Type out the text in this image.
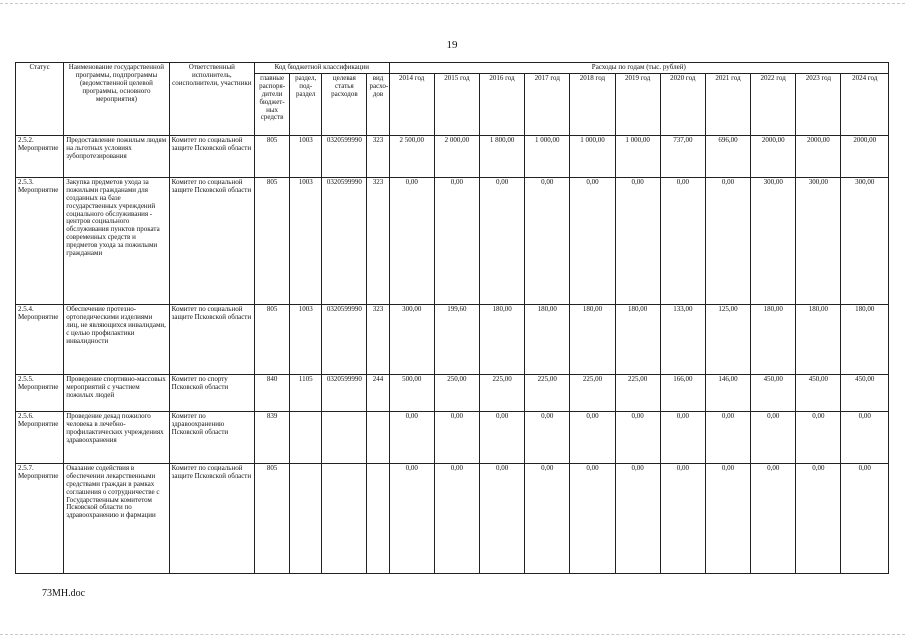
19
Статус	Наименование государственной программы, подпрограммы (ведомственной целевой программы, основного мероприятия)	Ответственный исполнитель, соисполнители, участники	Код бюджетной классификации				Расходы по годам (тыс. рублей)										
			главные распоря-дители бюджет-ных средств	раздел, под-раздел	целевая статья расходов	вид расхо-дов	2014 год	2015 год	2016 год	2017 год	2018 год	2019 год	2020 год	2021 год	2022 год	2023 год	2024 год

2.5.2.
Мероприятие	Предоставление пожилым людям на льготных условиях зубопротезирования	Комитет по социальной защите Псковской области	805	1003	0320599990	323	2 500,00	2 000,00	1 800,00	1 000,00	1 000,00	1 000,00	737,00	696,00	2000,00	2000,00	2000,00

2.5.3.
Мероприятие	Закупка предметов ухода за пожилыми гражданами для созданных на базе государственных учреждений социального обслуживания - центров социального обслуживания пунктов проката современных средств и предметов ухода за пожилыми гражданами	Комитет по социальной защите Псковской области	805	1003	0320599990	323	0,00	0,00	0,00	0,00	0,00	0,00	0,00	0,00	300,00	300,00	300,00

2.5.4.
Мероприятие	Обеспечение протезно-ортопедическими изделиями лиц, не являющихся инвалидами, с целью профилактики инвалидности	Комитет по социальной защите Псковской области	805	1003	0320599990	323	300,00	199,60	180,00	180,00	180,00	180,00	133,00	125,00	180,00	180,00	180,00

2.5.5.
Мероприятие	Проведение спортивно-массовых мероприятий с участием пожилых людей	Комитет по спорту Псковской области	840	1105	0320599990	244	500,00	250,00	225,00	225,00	225,00	225,00	166,00	146,00	450,00	450,00	450,00

2.5.6.
Мероприятие	Проведение декад пожилого человека в лечебно-профилактических учреждениях здравоохранения	Комитет по здравоохранению Псковской области	839				0,00	0,00	0,00	0,00	0,00	0,00	0,00	0,00	0,00	0,00	0,00

2.5.7.
Мероприятие	Оказание содействия в обеспечении лекарственными средствами граждан в рамках соглашения о сотрудничестве с Государственным комитетом Псковской области по здравоохранению и фармации	Комитет по социальной защите Псковской области	805				0,00	0,00	0,00	0,00	0,00	0,00	0,00	0,00	0,00	0,00	0,00
73MH.doc
